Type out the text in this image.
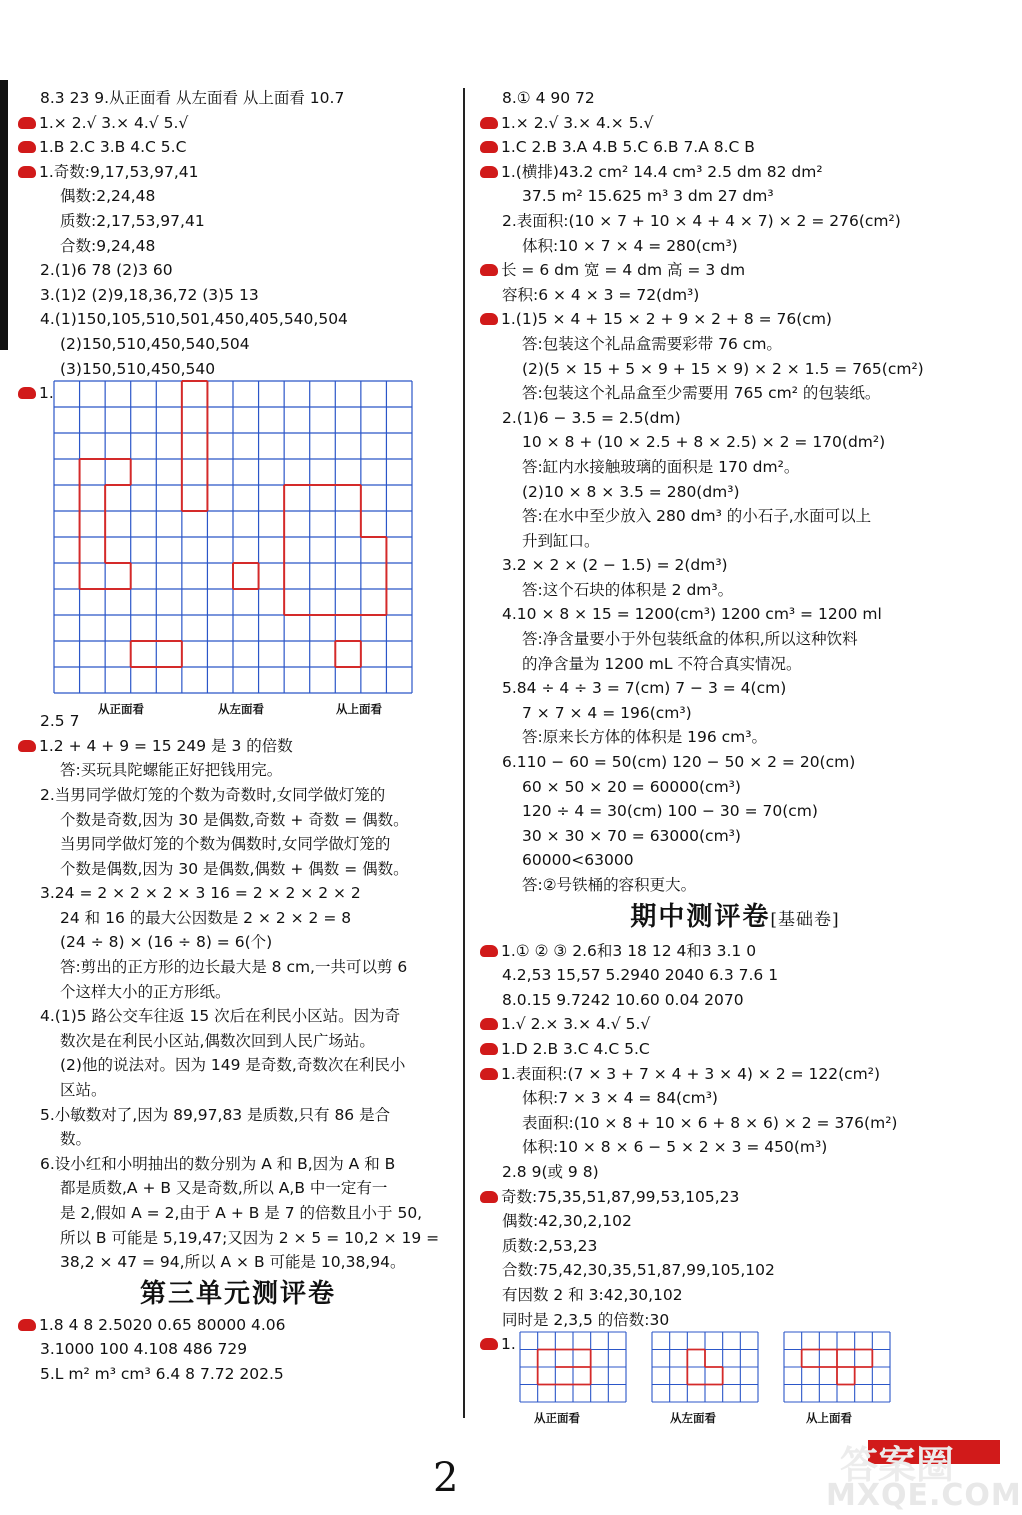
8.3 23 9.从正面看 从左面看 从上面看 10.7
1.× 2.√ 3.× 4.√ 5.√
1.B 2.C 3.B 4.C 5.C
1.奇数:9,17,53,97,41
偶数:2,24,48
质数:2,17,53,97,41
合数:9,24,48
2.(1)6 78 (2)3 60
3.(1)2 (2)9,18,36,72 (3)5 13
4.(1)150,105,510,501,450,405,540,504
(2)150,510,450,540,504
(3)150,510,450,540
1.
从正面看	从左面看	从上面看
2.5 7
1.2 + 4 + 9 = 15 249 是 3 的倍数
答:买玩具陀螺能正好把钱用完。
2.当男同学做灯笼的个数为奇数时,女同学做灯笼的
个数是奇数,因为 30 是偶数,奇数 + 奇数 = 偶数。
当男同学做灯笼的个数为偶数时,女同学做灯笼的
个数是偶数,因为 30 是偶数,偶数 + 偶数 = 偶数。
3.24 = 2 × 2 × 2 × 3 16 = 2 × 2 × 2 × 2
24 和 16 的最大公因数是 2 × 2 × 2 = 8
(24 ÷ 8) × (16 ÷ 8) = 6(个)
答:剪出的正方形的边长最大是 8 cm,一共可以剪 6
个这样大小的正方形纸。
4.(1)5 路公交车往返 15 次后在利民小区站。因为奇
数次是在利民小区站,偶数次回到人民广场站。
(2)他的说法对。因为 149 是奇数,奇数次在利民小
区站。
5.小敏数对了,因为 89,97,83 是质数,只有 86 是合
数。
6.设小红和小明抽出的数分别为 A 和 B,因为 A 和 B
都是质数,A + B 又是奇数,所以 A,B 中一定有一
是 2,假如 A = 2,由于 A + B 是 7 的倍数且小于 50,
所以 B 可能是 5,19,47;又因为 2 × 5 = 10,2 × 19 =
38,2 × 47 = 94,所以 A × B 可能是 10,38,94。
第三单元测评卷
1.8 4 8 2.5020 0.65 80000 4.06
3.1000 100 4.108 486 729
5.L m² m³ cm³ 6.4 8 7.72 202.5
8.① 4 90 72
1.× 2.√ 3.× 4.× 5.√
1.C 2.B 3.A 4.B 5.C 6.B 7.A 8.C B
1.(横排)43.2 cm² 14.4 cm³ 2.5 dm 82 dm²
37.5 m² 15.625 m³ 3 dm 27 dm³
2.表面积:(10 × 7 + 10 × 4 + 4 × 7) × 2 = 276(cm²)
体积:10 × 7 × 4 = 280(cm³)
长 = 6 dm 宽 = 4 dm 高 = 3 dm
容积:6 × 4 × 3 = 72(dm³)
1.(1)5 × 4 + 15 × 2 + 9 × 2 + 8 = 76(cm)
答:包装这个礼品盒需要彩带 76 cm。
(2)(5 × 15 + 5 × 9 + 15 × 9) × 2 × 1.5 = 765(cm²)
答:包装这个礼品盒至少需要用 765 cm² 的包装纸。
2.(1)6 − 3.5 = 2.5(dm)
10 × 8 + (10 × 2.5 + 8 × 2.5) × 2 = 170(dm²)
答:缸内水接触玻璃的面积是 170 dm²。
(2)10 × 8 × 3.5 = 280(dm³)
答:在水中至少放入 280 dm³ 的小石子,水面可以上
升到缸口。
3.2 × 2 × (2 − 1.5) = 2(dm³)
答:这个石块的体积是 2 dm³。
4.10 × 8 × 15 = 1200(cm³) 1200 cm³ = 1200 ml
答:净含量要小于外包装纸盒的体积,所以这种饮料
的净含量为 1200 mL 不符合真实情况。
5.84 ÷ 4 ÷ 3 = 7(cm) 7 − 3 = 4(cm)
7 × 7 × 4 = 196(cm³)
答:原来长方体的体积是 196 cm³。
6.110 − 60 = 50(cm) 120 − 50 × 2 = 20(cm)
60 × 50 × 20 = 60000(cm³)
120 ÷ 4 = 30(cm) 100 − 30 = 70(cm)
30 × 30 × 70 = 63000(cm³)
60000<63000
答:②号铁桶的容积更大。
期中测评卷[基础卷]
1.① ② ③ 2.6和3 18 12 4和3 3.1 0
4.2,53 15,57 5.2940 2040 6.3 7.6 1
8.0.15 9.7242 10.60 0.04 2070
1.√ 2.× 3.× 4.√ 5.√
1.D 2.B 3.C 4.C 5.C
1.表面积:(7 × 3 + 7 × 4 + 3 × 4) × 2 = 122(cm²)
体积:7 × 3 × 4 = 84(cm³)
表面积:(10 × 8 + 10 × 6 + 8 × 6) × 2 = 376(m²)
体积:10 × 8 × 6 − 5 × 2 × 3 = 450(m³)
2.8 9(或 9 8)
奇数:75,35,51,87,99,53,105,23
偶数:42,30,2,102
质数:2,53,23
合数:75,42,30,35,51,87,99,105,102
有因数 2 和 3:42,30,102
同时是 2,3,5 的倍数:30
1.
从正面看	从左面看	从上面看
2	答案圈
MXQE.COM
